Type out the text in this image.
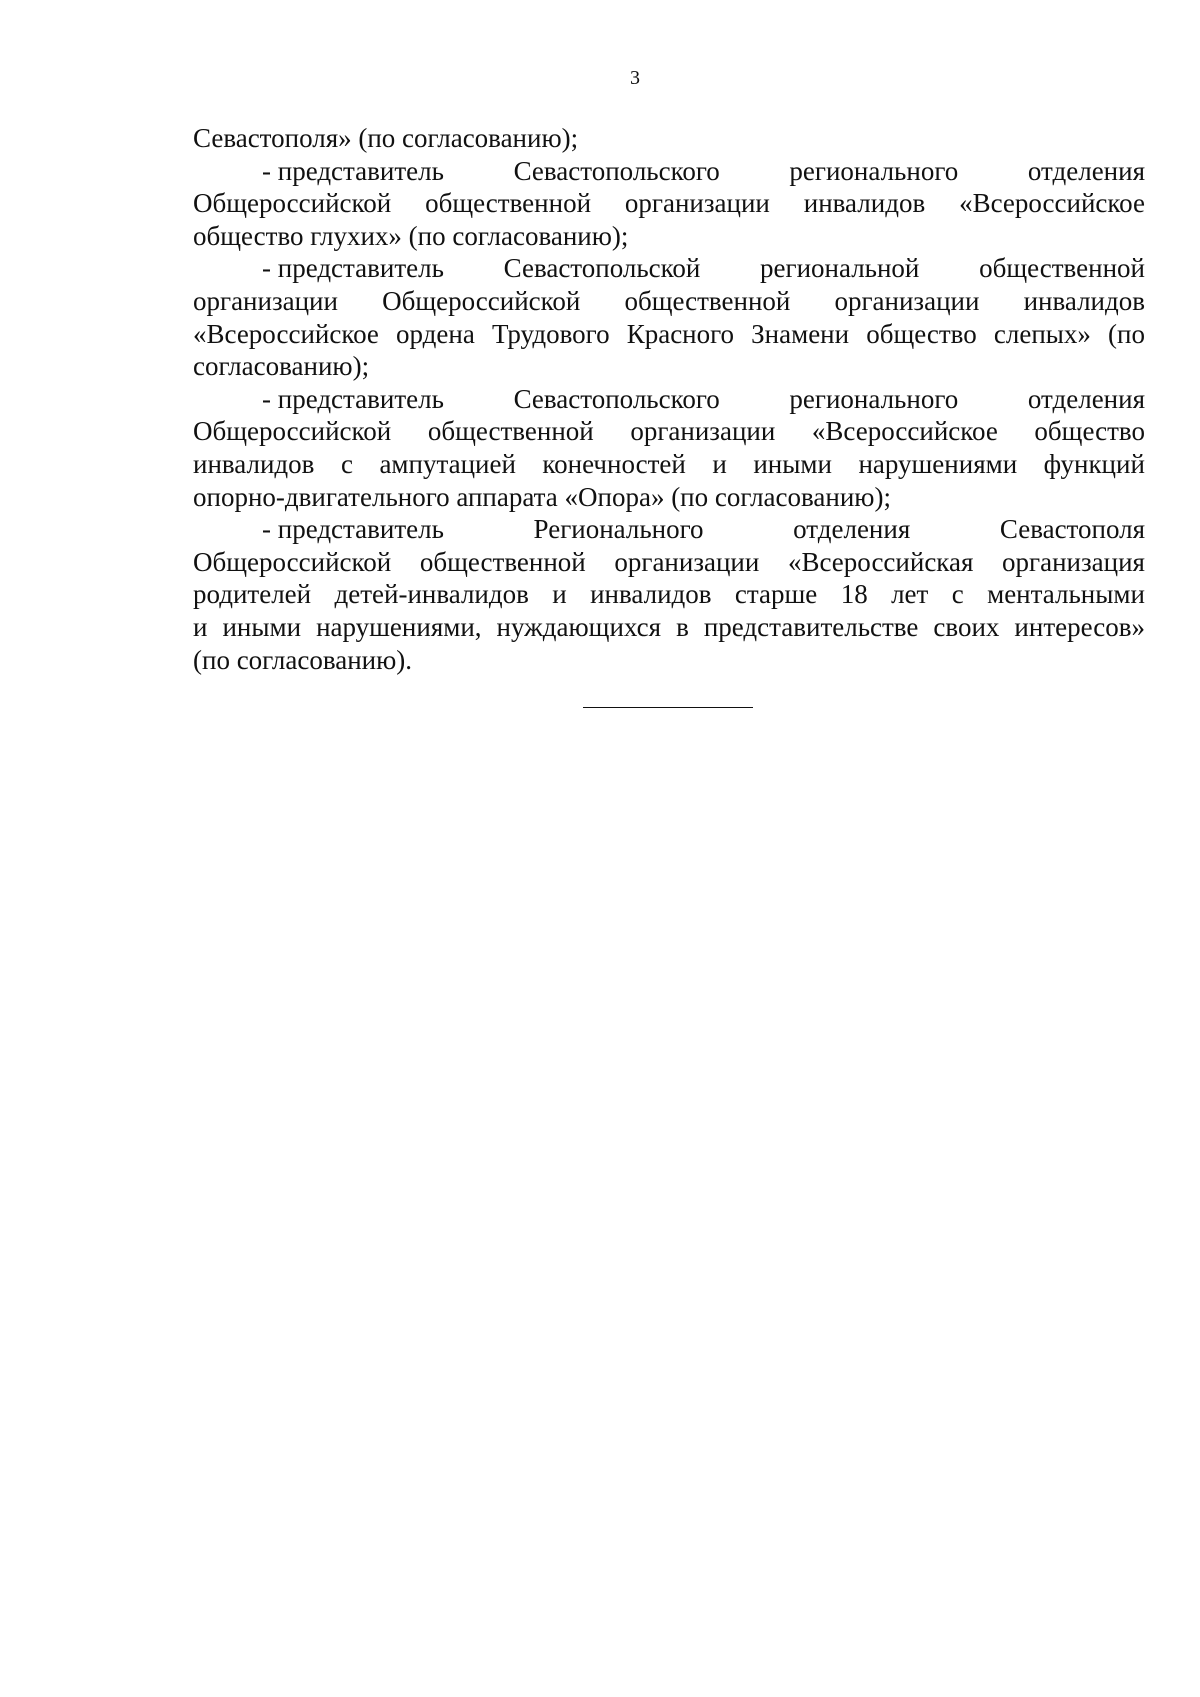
3
Севастополя» (по согласованию);
- представитель	Севастопольского	регионального	отделения
Общероссийской общественной организации инвалидов «Всероссийское
общество глухих» (по согласованию);
- представитель Севастопольской региональной общественной
организации Общероссийской общественной организации инвалидов
«Всероссийское ордена Трудового Красного Знамени общество слепых» (по
согласованию);
- представитель	Севастопольского	регионального	отделения
Общероссийской общественной организации «Всероссийское общество
инвалидов с ампутацией конечностей и иными нарушениями функций
опорно-двигательного аппарата «Опора» (по согласованию);
- представитель	Регионального	отделения	Севастополя
Общероссийской общественной организации «Всероссийская организация
родителей детей-инвалидов и инвалидов старше 18 лет с ментальными
и иными нарушениями, нуждающихся в представительстве своих интересов»
(по согласованию).
